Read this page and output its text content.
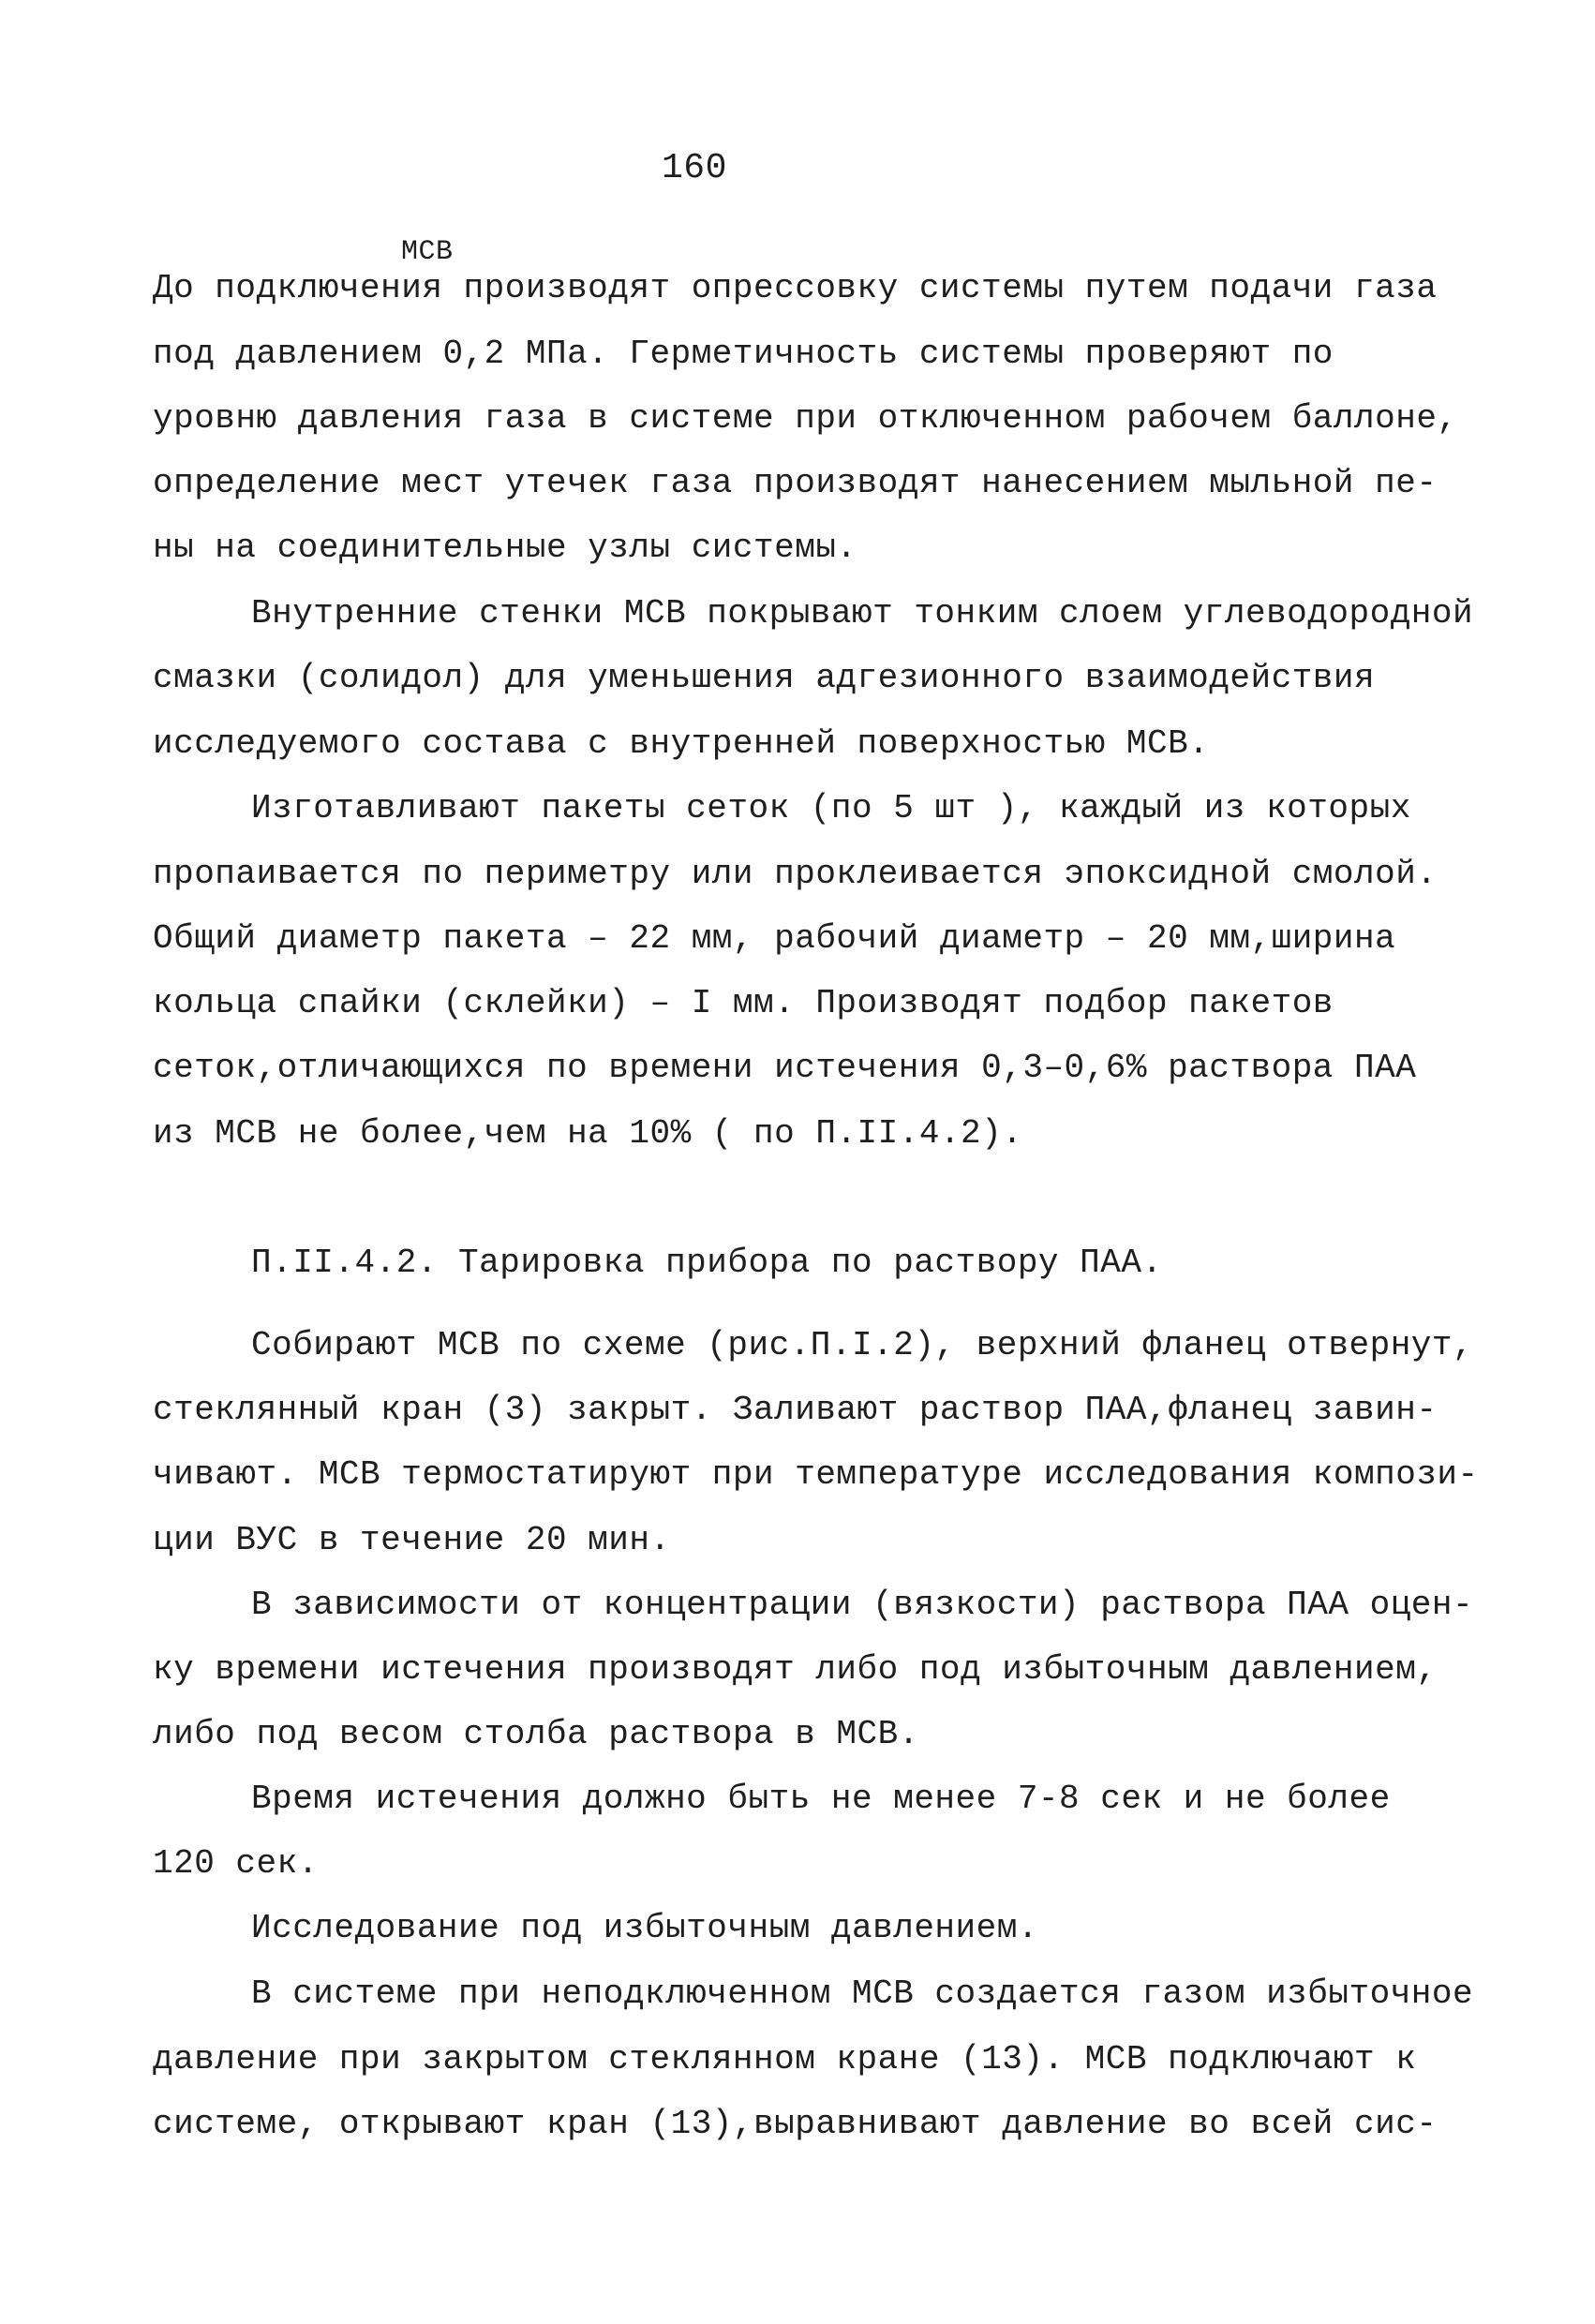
160
МСВ
До подключения производят опрессовку системы путем подачи газа
под давлением 0,2 МПа. Герметичность системы проверяют по
уровню давления газа в системе при отключенном рабочем баллоне,
определение мест утечек газа производят нанесением мыльной пе-
ны на соединительные узлы системы.
Внутренние стенки МСВ покрывают тонким слоем углеводородной
смазки (солидол) для уменьшения адгезионного взаимодействия
исследуемого состава с внутренней поверхностью МСВ.
Изготавливают пакеты сеток (по 5 шт ), каждый из которых
пропаивается по периметру или проклеивается эпоксидной смолой.
Общий диаметр пакета – 22 мм, рабочий диаметр – 20 мм,ширина
кольца спайки (склейки) – I мм. Производят подбор пакетов
сеток,отличающихся по времени истечения 0,3–0,6% раствора ПАА
из МСВ не более,чем на 10% ( по П.II.4.2).
П.II.4.2. Тарировка прибора по раствору ПАА.
Собирают МСВ по схеме (рис.П.I.2), верхний фланец отвернут,
стеклянный кран (3) закрыт. Заливают раствор ПАА,фланец завин-
чивают. МСВ термостатируют при температуре исследования компози-
ции ВУС в течение 20 мин.
В зависимости от концентрации (вязкости) раствора ПАА оцен-
ку времени истечения производят либо под избыточным давлением,
либо под весом столба раствора в МСВ.
Время истечения должно быть не менее 7-8 сек и не более
120 сек.
Исследование под избыточным давлением.
В системе при неподключенном МСВ создается газом избыточное
давление при закрытом стеклянном кране (13). МСВ подключают к
системе, открывают кран (13),выравнивают давление во всей сис-
